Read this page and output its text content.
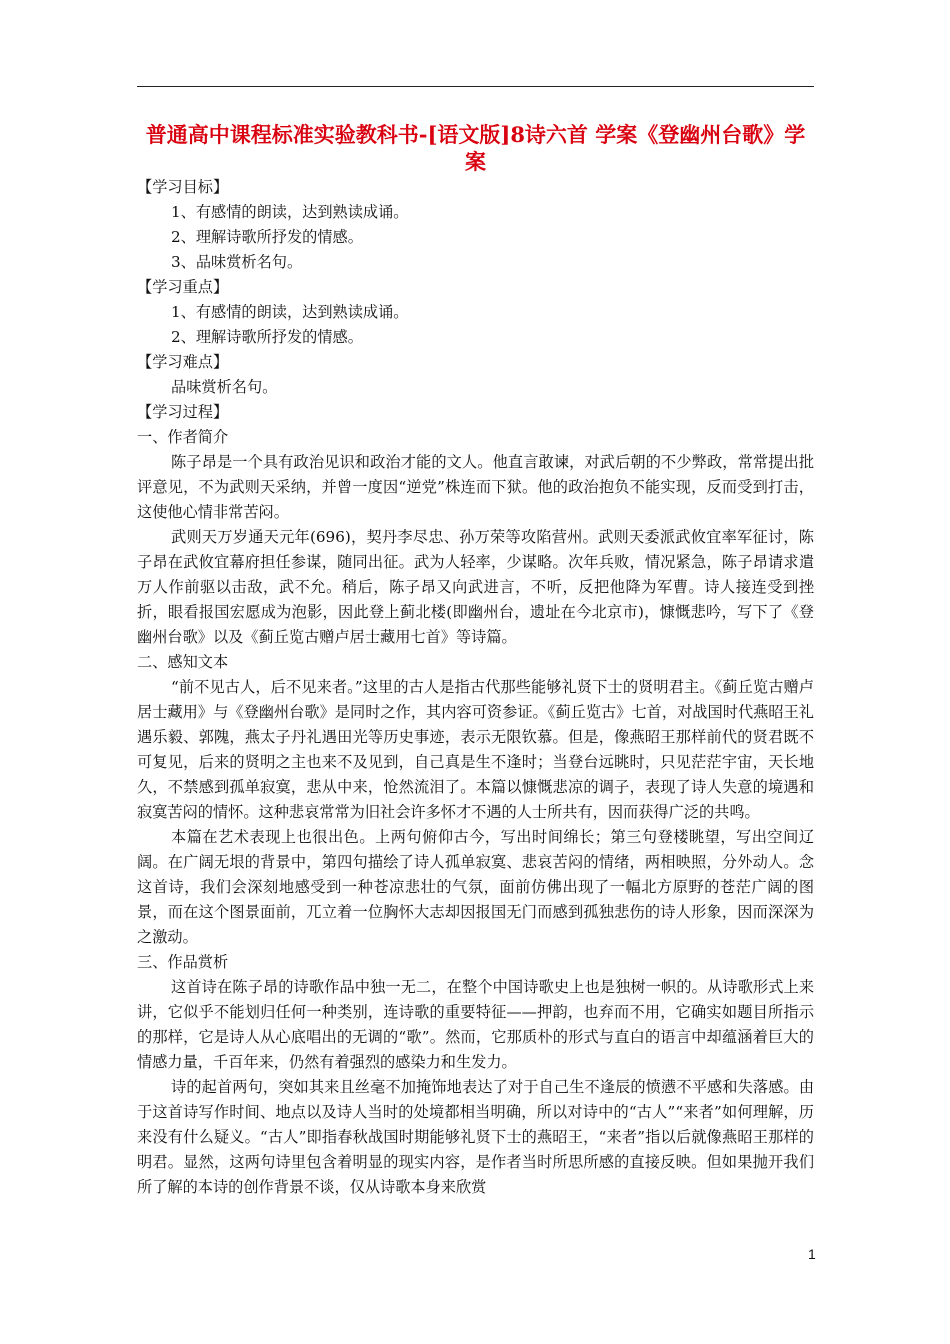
普通高中课程标准实验教科书-[语文版]8诗六首 学案《登幽州台歌》学案

【学习目标】

1、有感情的朗读，达到熟读成诵。

2、理解诗歌所抒发的情感。

3、品味赏析名句。

【学习重点】

1、有感情的朗读，达到熟读成诵。

2、理解诗歌所抒发的情感。

【学习难点】

品味赏析名句。

【学习过程】

一、作者简介

陈子昂是一个具有政治见识和政治才能的文人。他直言敢谏，对武后朝的不少弊政，常常提出批评意见，不为武则天采纳，并曾一度因“逆党”株连而下狱。他的政治抱负不能实现，反而受到打击，这使他心情非常苦闷。

武则天万岁通天元年(696)，契丹李尽忠、孙万荣等攻陷营州。武则天委派武攸宜率军征讨，陈子昂在武攸宜幕府担任参谋，随同出征。武为人轻率，少谋略。次年兵败，情况紧急，陈子昂请求遣万人作前驱以击敌，武不允。稍后，陈子昂又向武进言，不听，反把他降为军曹。诗人接连受到挫折，眼看报国宏愿成为泡影，因此登上蓟北楼(即幽州台，遗址在今北京市)，慷慨悲吟，写下了《登幽州台歌》以及《蓟丘览古赠卢居士藏用七首》等诗篇。

二、感知文本

“前不见古人，后不见来者。”这里的古人是指古代那些能够礼贤下士的贤明君主。《蓟丘览古赠卢居士藏用》与《登幽州台歌》是同时之作，其内容可资参证。《蓟丘览古》七首，对战国时代燕昭王礼遇乐毅、郭隗，燕太子丹礼遇田光等历史事迹，表示无限钦慕。但是，像燕昭王那样前代的贤君既不可复见，后来的贤明之主也来不及见到，自己真是生不逢时；当登台远眺时，只见茫茫宇宙，天长地久，不禁感到孤单寂寞，悲从中来，怆然流泪了。本篇以慷慨悲凉的调子，表现了诗人失意的境遇和寂寞苦闷的情怀。这种悲哀常常为旧社会许多怀才不遇的人士所共有，因而获得广泛的共鸣。

本篇在艺术表现上也很出色。上两句俯仰古今，写出时间绵长；第三句登楼眺望，写出空间辽阔。在广阔无垠的背景中，第四句描绘了诗人孤单寂寞、悲哀苦闷的情绪，两相映照，分外动人。念这首诗，我们会深刻地感受到一种苍凉悲壮的气氛，面前仿佛出现了一幅北方原野的苍茫广阔的图景，而在这个图景面前，兀立着一位胸怀大志却因报国无门而感到孤独悲伤的诗人形象，因而深深为之激动。

三、作品赏析

这首诗在陈子昂的诗歌作品中独一无二，在整个中国诗歌史上也是独树一帜的。从诗歌形式上来讲，它似乎不能划归任何一种类别，连诗歌的重要特征——押韵，也弃而不用，它确实如题目所指示的那样，它是诗人从心底唱出的无调的“歌”。然而，它那质朴的形式与直白的语言中却蕴涵着巨大的情感力量，千百年来，仍然有着强烈的感染力和生发力。

诗的起首两句，突如其来且丝毫不加掩饰地表达了对于自己生不逢辰的愤懑不平感和失落感。由于这首诗写作时间、地点以及诗人当时的处境都相当明确，所以对诗中的“古人”“来者”如何理解，历来没有什么疑义。“古人”即指春秋战国时期能够礼贤下士的燕昭王，“来者”指以后就像燕昭王那样的明君。显然，这两句诗里包含着明显的现实内容，是作者当时所思所感的直接反映。但如果抛开我们所了解的本诗的创作背景不谈，仅从诗歌本身来欣赏

1
